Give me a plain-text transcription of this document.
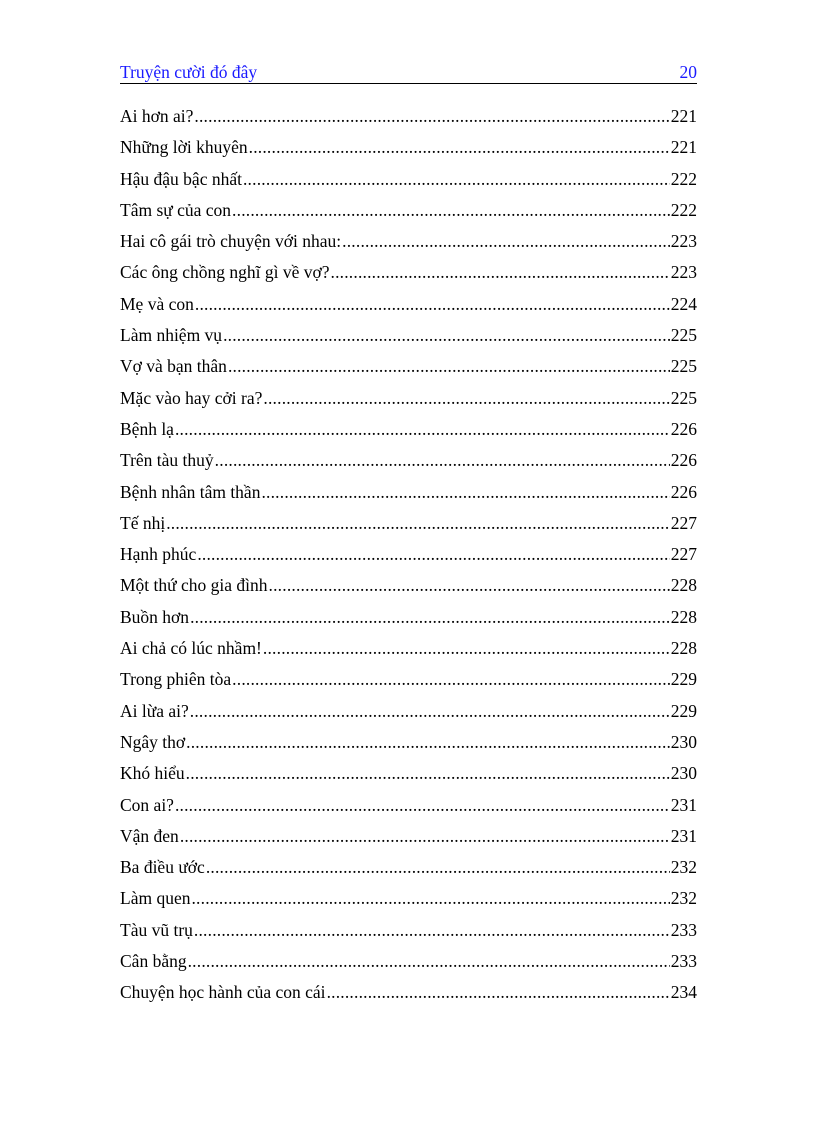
Truyện cười đó đây	20
Ai hơn ai? .....	221
Những lời khuyên .....	221
Hậu đậu bậc nhất .....	222
Tâm sự của con .....	222
Hai cô gái trò chuyện với nhau: .....	223
Các ông chồng nghĩ gì về vợ? .....	223
Mẹ và con .....	224
Làm nhiệm vụ .....	225
Vợ và bạn thân .....	225
Mặc vào hay cởi ra? .....	225
Bệnh lạ .....	226
Trên tàu thuỷ .....	226
Bệnh nhân tâm thần .....	226
Tế nhị .....	227
Hạnh phúc .....	227
Một thứ cho gia đình .....	228
Buồn hơn .....	228
Ai chả có lúc nhầm! .....	228
Trong phiên tòa .....	229
Ai lừa ai? .....	229
Ngây thơ .....	230
Khó hiểu .....	230
Con ai? .....	231
Vận đen .....	231
Ba điều ước .....	232
Làm quen .....	232
Tàu vũ trụ .....	233
Cân bằng .....	233
Chuyện học hành của con cái .....	234
